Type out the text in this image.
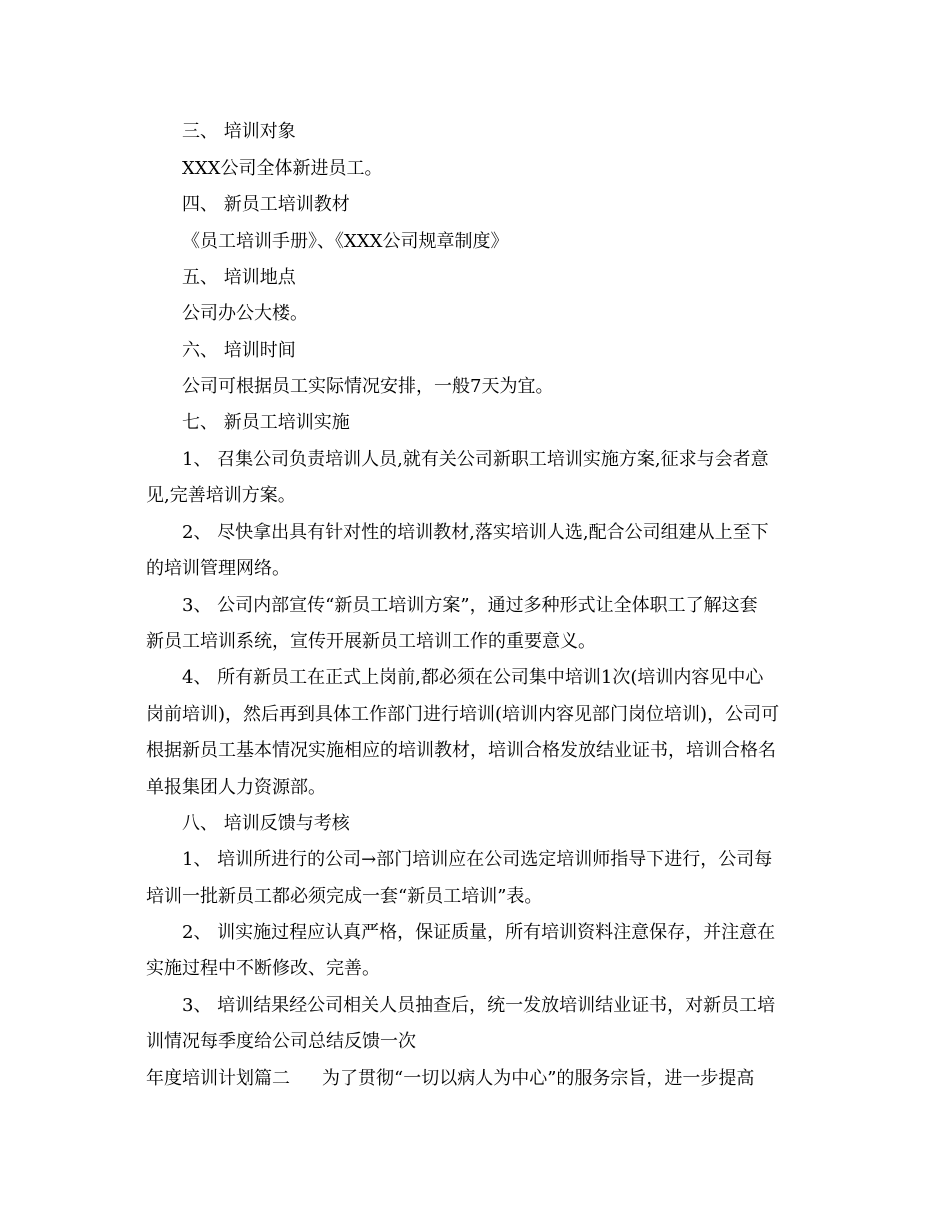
三、 培训对象
XXX公司全体新进员工。
四、 新员工培训教材
《员工培训手册》、《XXX公司规章制度》
五、 培训地点
公司办公大楼。
六、 培训时间
公司可根据员工实际情况安排，一般7天为宜。
七、 新员工培训实施
1、 召集公司负责培训人员,就有关公司新职工培训实施方案,征求与会者意
见,完善培训方案。
2、 尽快拿出具有针对性的培训教材,落实培训人选,配合公司组建从上至下
的培训管理网络。
3、 公司内部宣传“新员工培训方案”，通过多种形式让全体职工了解这套
新员工培训系统，宣传开展新员工培训工作的重要意义。
4、 所有新员工在正式上岗前,都必须在公司集中培训1次(培训内容见中心
岗前培训)，然后再到具体工作部门进行培训(培训内容见部门岗位培训)，公司可
根据新员工基本情况实施相应的培训教材，培训合格发放结业证书，培训合格名
单报集团人力资源部。
八、 培训反馈与考核
1、 培训所进行的公司→部门培训应在公司选定培训师指导下进行，公司每
培训一批新员工都必须完成一套“新员工培训”表。
2、 训实施过程应认真严格，保证质量，所有培训资料注意保存，并注意在
实施过程中不断修改、完善。
3、 培训结果经公司相关人员抽查后，统一发放培训结业证书，对新员工培
训情况每季度给公司总结反馈一次
年度培训计划篇二 为了贯彻“一切以病人为中心”的服务宗旨，进一步提高
